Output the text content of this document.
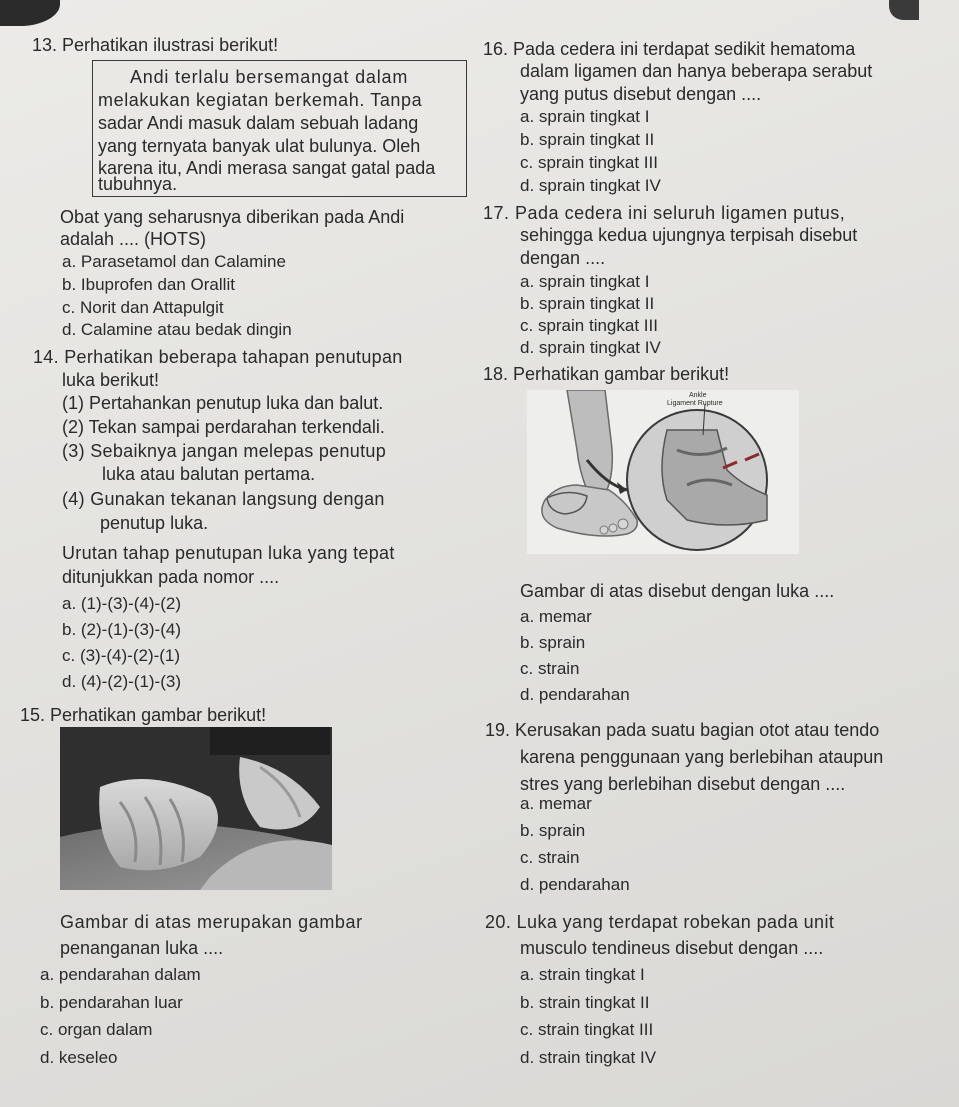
13. Perhatikan ilustrasi berikut!
Andi terlalu bersemangat dalam
melakukan kegiatan berkemah. Tanpa
sadar Andi masuk dalam sebuah ladang
yang ternyata banyak ulat bulunya. Oleh
karena itu, Andi merasa sangat gatal pada
tubuhnya.
Obat yang seharusnya diberikan pada Andi
adalah .... (HOTS)
a. Parasetamol dan Calamine
b. Ibuprofen dan Orallit
c. Norit dan Attapulgit
d. Calamine atau bedak dingin
14. Perhatikan beberapa tahapan penutupan
luka berikut!
(1) Pertahankan penutup luka dan balut.
(2) Tekan sampai perdarahan terkendali.
(3) Sebaiknya jangan melepas penutup
luka atau balutan pertama.
(4) Gunakan tekanan langsung dengan
penutup luka.
Urutan tahap penutupan luka yang tepat
ditunjukkan pada nomor ....
a. (1)-(3)-(4)-(2)
b. (2)-(1)-(3)-(4)
c. (3)-(4)-(2)-(1)
d. (4)-(2)-(1)-(3)
15. Perhatikan gambar berikut!
Gambar di atas merupakan gambar
penanganan luka ....
a. pendarahan dalam
b. pendarahan luar
c. organ dalam
d. keseleo
16. Pada cedera ini terdapat sedikit hematoma
dalam ligamen dan hanya beberapa serabut
yang putus disebut dengan ....
a. sprain tingkat I
b. sprain tingkat II
c. sprain tingkat III
d. sprain tingkat IV
17. Pada cedera ini seluruh ligamen putus,
sehingga kedua ujungnya terpisah disebut
dengan ....
a. sprain tingkat I
b. sprain tingkat II
c. sprain tingkat III
d. sprain tingkat IV
18. Perhatikan gambar berikut!
Ankle
Ligament Rupture
Gambar di atas disebut dengan luka ....
a. memar
b. sprain
c. strain
d. pendarahan
19. Kerusakan pada suatu bagian otot atau tendo
karena penggunaan yang berlebihan ataupun
stres yang berlebihan disebut dengan ....
a. memar
b. sprain
c. strain
d. pendarahan
20. Luka yang terdapat robekan pada unit
musculo tendineus disebut dengan ....
a. strain tingkat I
b. strain tingkat II
c. strain tingkat III
d. strain tingkat IV
